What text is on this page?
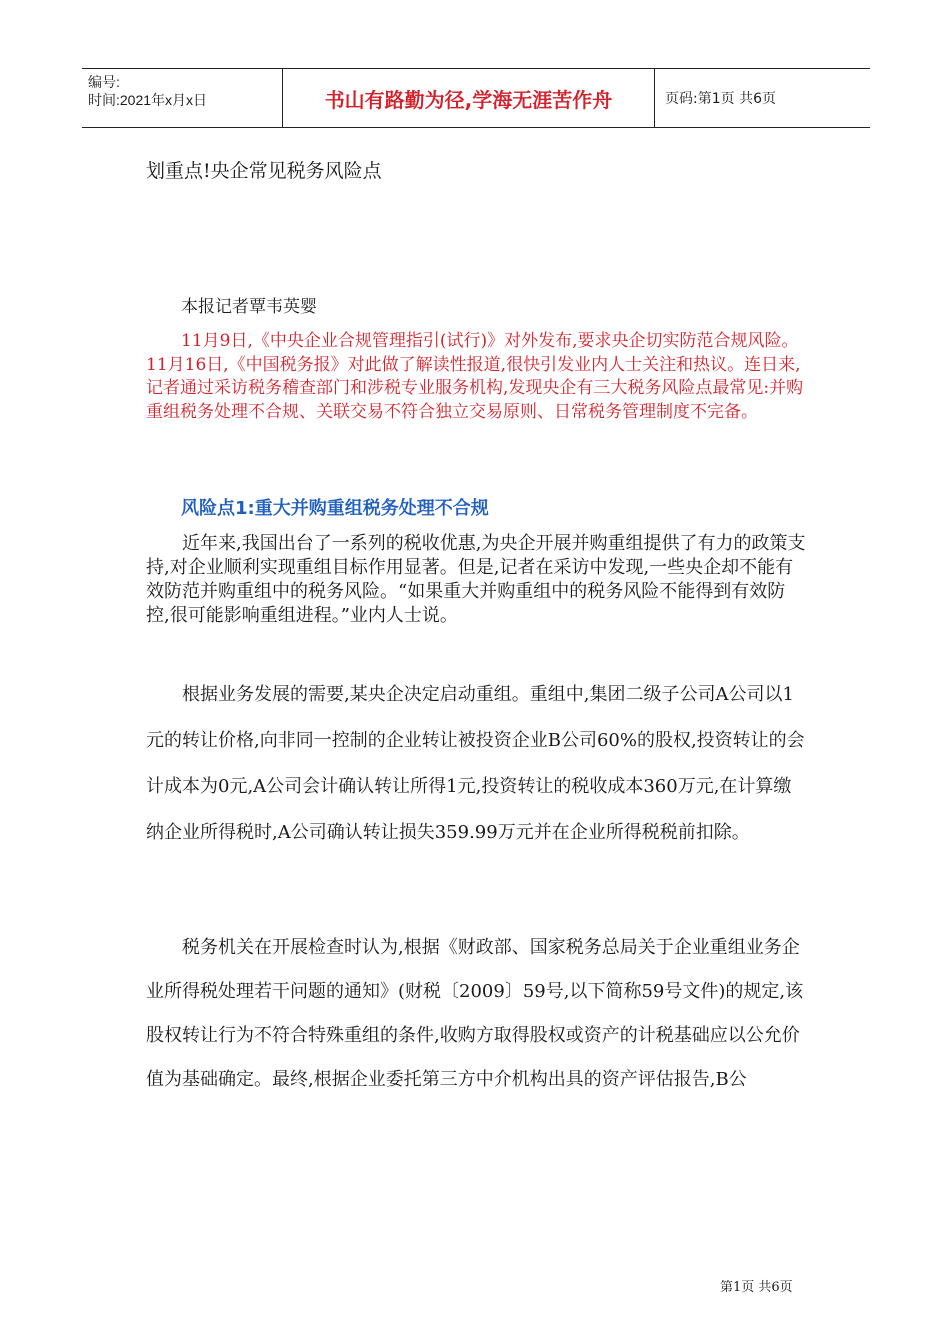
编号:
时间:2021年x月x日	书山有路勤为径,学海无涯苦作舟	页码:第1页 共6页
划重点!央企常见税务风险点
本报记者覃韦英婴
11月9日,《中央企业合规管理指引(试行)》对外发布,要求央企切实防范合规风险。11月16日,《中国税务报》对此做了解读性报道,很快引发业内人士关注和热议。连日来,记者通过采访税务稽查部门和涉税专业服务机构,发现央企有三大税务风险点最常见:并购重组税务处理不合规、关联交易不符合独立交易原则、日常税务管理制度不完备。
风险点1:重大并购重组税务处理不合规

近年来,我国出台了一系列的税收优惠,为央企开展并购重组提供了有力的政策支持,对企业顺利实现重组目标作用显著。但是,记者在采访中发现,一些央企却不能有效防范并购重组中的税务风险。“如果重大并购重组中的税务风险不能得到有效防控,很可能影响重组进程。”业内人士说。

根据业务发展的需要,某央企决定启动重组。重组中,集团二级子公司A公司以1元的转让价格,向非同一控制的企业转让被投资企业B公司60%的股权,投资转让的会计成本为0元,A公司会计确认转让所得1元,投资转让的税收成本360万元,在计算缴纳企业所得税时,A公司确认转让损失359.99万元并在企业所得税税前扣除。

税务机关在开展检查时认为,根据《财政部、国家税务总局关于企业重组业务企业所得税处理若干问题的通知》(财税〔2009〕59号,以下简称59号文件)的规定,该股权转让行为不符合特殊重组的条件,收购方取得股权或资产的计税基础应以公允价值为基础确定。最终,根据企业委托第三方中介机构出具的资产评估报告,B公

第1页 共6页
